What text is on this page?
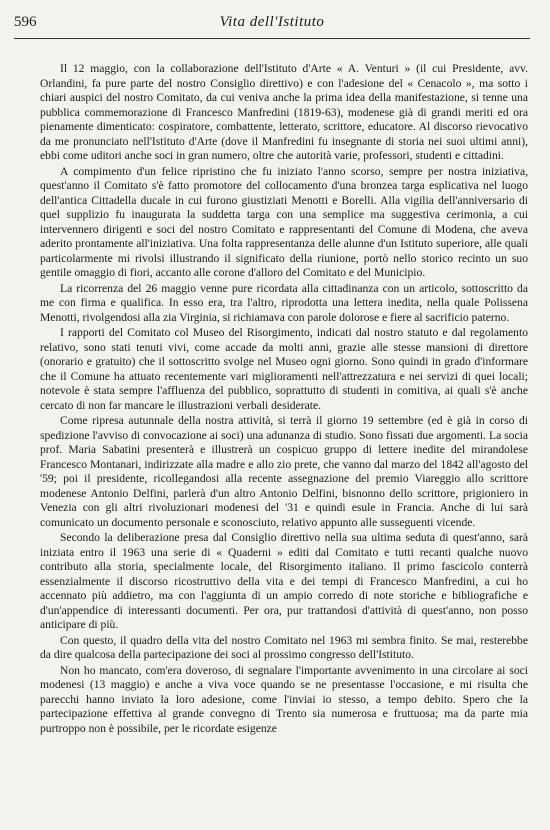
596	Vita dell'Istituto

Il 12 maggio, con la collaborazione dell'Istituto d'Arte « A. Venturi » (il cui Presidente, avv. Orlandini, fa pure parte del nostro Consiglio direttivo) e con l'adesione del « Cenacolo », ma sotto i chiari auspici del nostro Comitato, da cui veniva anche la prima idea della manifestazione, si tenne una pubblica commemorazione di Francesco Manfredini (1819-63), modenese già di grandi meriti ed ora pienamente dimenticato: cospiratore, combattente, letterato, scrittore, educatore. Al discorso rievocativo da me pronunciato nell'Istituto d'Arte (dove il Manfredini fu insegnante di storia nei suoi ultimi anni), ebbi come uditori anche soci in gran numero, oltre che autorità varie, professori, studenti e cittadini.

A compimento d'un felice ripristino che fu iniziato l'anno scorso, sempre per nostra iniziativa, quest'anno il Comitato s'è fatto promotore del collocamento d'una bronzea targa esplicativa nel luogo dell'antica Cittadella ducale in cui furono giustiziati Menotti e Borelli. Alla vigilia dell'anniversario di quel supplizio fu inaugurata la suddetta targa con una semplice ma suggestiva cerimonia, a cui intervennero dirigenti e soci del nostro Comitato e rappresentanti del Comune di Modena, che aveva aderito prontamente all'iniziativa. Una folta rappresentanza delle alunne d'un Istituto superiore, alle quali particolarmente mi rivolsi illustrando il significato della riunione, portò nello storico recinto un suo gentile omaggio di fiori, accanto alle corone d'alloro del Comitato e del Municipio.

La ricorrenza del 26 maggio venne pure ricordata alla cittadinanza con un articolo, sottoscritto da me con firma e qualifica. In esso era, tra l'altro, riprodotta una lettera inedita, nella quale Polissena Menotti, rivolgendosi alla zia Virginia, si richiamava con parole dolorose e fiere al sacrificio paterno.

I rapporti del Comitato col Museo del Risorgimento, indicati dal nostro statuto e dal regolamento relativo, sono stati tenuti vivi, come accade da molti anni, grazie alle stesse mansioni di direttore (onorario e gratuito) che il sottoscritto svolge nel Museo ogni giorno. Sono quindi in grado d'informare che il Comune ha attuato recentemente vari miglioramenti nell'attrezzatura e nei servizi di quei locali; notevole è stata sempre l'affluenza del pubblico, soprattutto di studenti in comitiva, ai quali s'è anche cercato di non far mancare le illustrazioni verbali desiderate.

Come ripresa autunnale della nostra attività, si terrà il giorno 19 settembre (ed è già in corso di spedizione l'avviso di convocazione ai soci) una adunanza di studio. Sono fissati due argomenti. La socia prof. Maria Sabatini presenterà e illustrerà un cospicuo gruppo di lettere inedite del mirandolese Francesco Montanari, indirizzate alla madre e allo zio prete, che vanno dal marzo del 1842 all'agosto del '59; poi il presidente, ricollegandosi alla recente assegnazione del premio Viareggio allo scrittore modenese Antonio Delfini, parlerà d'un altro Antonio Delfini, bisnonno dello scrittore, prigioniero in Venezia con gli altri rivoluzionari modenesi del '31 e quindi esule in Francia. Anche di lui sarà comunicato un documento personale e sconosciuto, relativo appunto alle susseguenti vicende.

Secondo la deliberazione presa dal Consiglio direttivo nella sua ultima seduta di quest'anno, sarà iniziata entro il 1963 una serie di « Quaderni » editi dal Comitato e tutti recanti qualche nuovo contributo alla storia, specialmente locale, del Risorgimento italiano. Il primo fascicolo conterrà essenzialmente il discorso ricostruttivo della vita e dei tempi di Francesco Manfredini, a cui ho accennato più addietro, ma con l'aggiunta di un ampio corredo di note storiche e bibliografiche e d'un'appendice di interessanti documenti. Per ora, pur trattandosi d'attività di quest'anno, non posso anticipare di più.

Con questo, il quadro della vita del nostro Comitato nel 1963 mi sembra finito. Se mai, resterebbe da dire qualcosa della partecipazione dei soci al prossimo congresso dell'Istituto.

Non ho mancato, com'era doveroso, di segnalare l'importante avvenimento in una circolare ai soci modenesi (13 maggio) e anche a viva voce quando se ne presentasse l'occasione, e mi risulta che parecchi hanno inviato la loro adesione, come l'inviai io stesso, a tempo debito. Spero che la partecipazione effettiva al grande convegno di Trento sia numerosa e fruttuosa; ma da parte mia purtroppo non è possibile, per le ricordate esigenze
